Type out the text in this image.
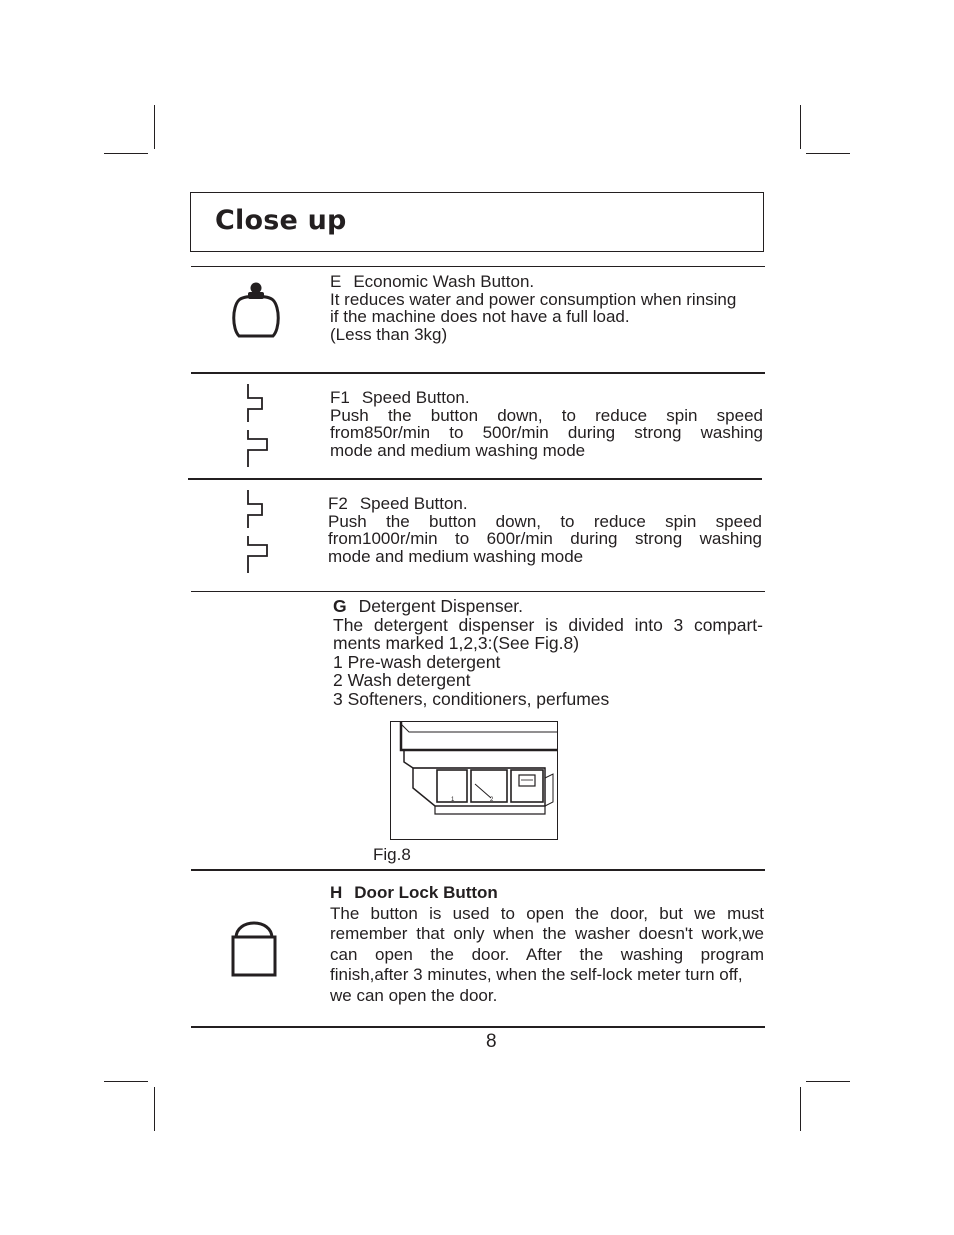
Close up

E Economic Wash Button.

It reduces water and power consumption when rinsing

if the machine does not have a full load.

(Less than 3kg)

F1 Speed Button.

Push the button down, to reduce spin speed

from850r/min to 500r/min during strong washing

mode and medium washing mode

F2 Speed Button.

Push the button down, to reduce spin speed

from1000r/min to 600r/min during strong washing

mode and medium washing mode

G Detergent Dispenser.

The detergent dispenser is divided into 3 compart-

ments marked 1,2,3:(See Fig.8)

1 Pre-wash detergent

2 Wash detergent

3 Softeners, conditioners, perfumes

1	2
Fig.8

H Door Lock Button

The button is used to open the door, but we must

remember that only when the washer doesn't work,we

can open the door. After the washing program

finish,after 3 minutes, when the self-lock meter turn off,

we can open the door.

8
